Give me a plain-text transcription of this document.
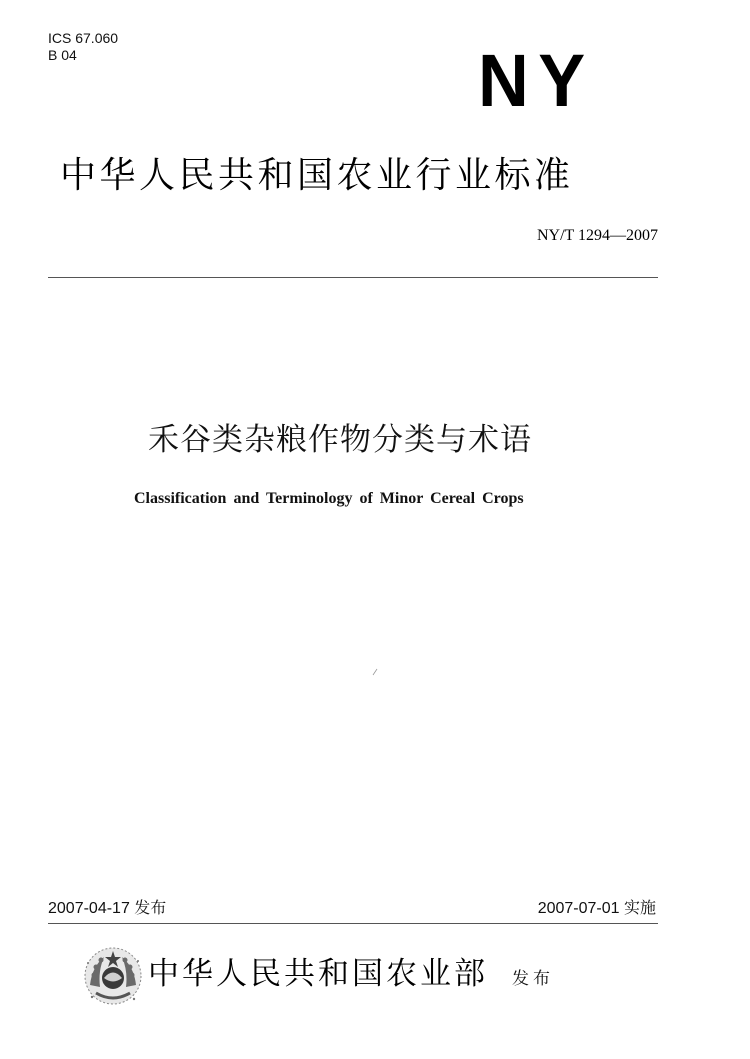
ICS 67.060
B 04	NY
中华人民共和国农业行业标准
NY/T 1294—2007
禾谷类杂粮作物分类与术语
Classification and Terminology of Minor Cereal Crops
2007-04-17 发布	2007-07-01 实施
中华人民共和国农业部 发布
